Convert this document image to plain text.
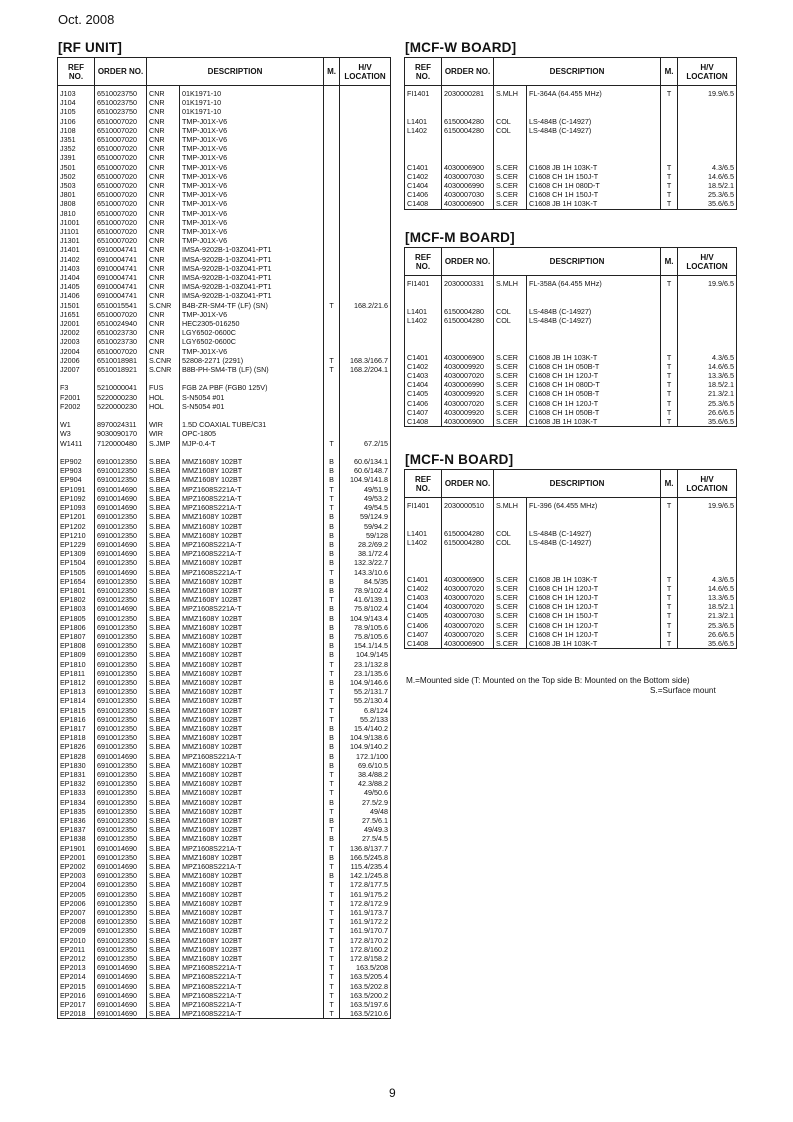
Oct. 2008
[RF UNIT]
REF NO.	ORDER NO.	DESCRIPTION		M.	H/V LOCATION
J103	6510023750	CNR	01K1971-10		
J104	6510023750	CNR	01K1971-10		
J105	6510023750	CNR	01K1971-10		
J106	6510007020	CNR	TMP-J01X-V6		
J108	6510007020	CNR	TMP-J01X-V6		
J351	6510007020	CNR	TMP-J01X-V6		
J352	6510007020	CNR	TMP-J01X-V6		
J391	6510007020	CNR	TMP-J01X-V6		
J501	6510007020	CNR	TMP-J01X-V6		
J502	6510007020	CNR	TMP-J01X-V6		
J503	6510007020	CNR	TMP-J01X-V6		
J801	6510007020	CNR	TMP-J01X-V6		
J808	6510007020	CNR	TMP-J01X-V6		
J810	6510007020	CNR	TMP-J01X-V6		
J1001	6510007020	CNR	TMP-J01X-V6		
J1101	6510007020	CNR	TMP-J01X-V6		
J1301	6510007020	CNR	TMP-J01X-V6		
J1401	6910004741	CNR	IMSA-9202B-1-03Z041-PT1		
J1402	6910004741	CNR	IMSA-9202B-1-03Z041-PT1		
J1403	6910004741	CNR	IMSA-9202B-1-03Z041-PT1		
J1404	6910004741	CNR	IMSA-9202B-1-03Z041-PT1		
J1405	6910004741	CNR	IMSA-9202B-1-03Z041-PT1		
J1406	6910004741	CNR	IMSA-9202B-1-03Z041-PT1		
J1501	6510015541	S.CNR	B4B-ZR-SM4-TF (LF) (SN)	T	168.2/21.6
J1651	6510007020	CNR	TMP-J01X-V6		
J2001	6510024940	CNR	HEC2305-016250		
J2002	6510023730	CNR	LGY6502-0600C		
J2003	6510023730	CNR	LGY6502-0600C		
J2004	6510007020	CNR	TMP-J01X-V6		
J2006	6510018981	S.CNR	52808-2271 (2291)	T	168.3/166.7
J2007	6510018921	S.CNR	B8B-PH-SM4-TB (LF) (SN)	T	168.2/204.1

F3	5210000041	FUS	FGB 2A PBF (FGB0 125V)		
F2001	5220000230	HOL	S-N5054 #01		
F2002	5220000230	HOL	S-N5054 #01		

W1	8970024311	WIR	1.5D COAXIAL TUBE/C31		
W3	9030090170	WIR	OPC-1805		
W1411	7120000480	S.JMP	MJP-0.4-T	T	67.2/15

EP902	6910012350	S.BEA	MMZ1608Y 102BT	B	60.6/134.1
EP903	6910012350	S.BEA	MMZ1608Y 102BT	B	60.6/148.7
EP904	6910012350	S.BEA	MMZ1608Y 102BT	B	104.9/141.8
EP1091	6910014690	S.BEA	MPZ1608S221A-T	T	49/51.9
EP1092	6910014690	S.BEA	MPZ1608S221A-T	T	49/53.2
EP1093	6910014690	S.BEA	MPZ1608S221A-T	T	49/54.5
EP1201	6910012350	S.BEA	MMZ1608Y 102BT	B	59/124.9
EP1202	6910012350	S.BEA	MMZ1608Y 102BT	B	59/94.2
EP1210	6910012350	S.BEA	MMZ1608Y 102BT	B	59/128
EP1229	6910014690	S.BEA	MPZ1608S221A-T	B	28.2/69.2
EP1309	6910014690	S.BEA	MPZ1608S221A-T	B	38.1/72.4
EP1504	6910012350	S.BEA	MMZ1608Y 102BT	B	132.3/22.7
EP1505	6910014690	S.BEA	MPZ1608S221A-T	T	143.3/10.6
EP1654	6910012350	S.BEA	MMZ1608Y 102BT	B	84.5/35
EP1801	6910012350	S.BEA	MMZ1608Y 102BT	B	78.9/102.4
EP1802	6910012350	S.BEA	MMZ1608Y 102BT	T	41.6/139.1
EP1803	6910014690	S.BEA	MPZ1608S221A-T	B	75.8/102.4
EP1805	6910012350	S.BEA	MMZ1608Y 102BT	B	104.9/143.4
EP1806	6910012350	S.BEA	MMZ1608Y 102BT	B	78.9/105.6
EP1807	6910012350	S.BEA	MMZ1608Y 102BT	B	75.8/105.6
EP1808	6910012350	S.BEA	MMZ1608Y 102BT	B	154.1/14.5
EP1809	6910012350	S.BEA	MMZ1608Y 102BT	B	104.9/145
EP1810	6910012350	S.BEA	MMZ1608Y 102BT	T	23.1/132.8
EP1811	6910012350	S.BEA	MMZ1608Y 102BT	T	23.1/135.6
EP1812	6910012350	S.BEA	MMZ1608Y 102BT	B	104.9/146.6
EP1813	6910012350	S.BEA	MMZ1608Y 102BT	T	55.2/131.7
EP1814	6910012350	S.BEA	MMZ1608Y 102BT	T	55.2/130.4
EP1815	6910012350	S.BEA	MMZ1608Y 102BT	T	6.8/124
EP1816	6910012350	S.BEA	MMZ1608Y 102BT	T	55.2/133
EP1817	6910012350	S.BEA	MMZ1608Y 102BT	B	15.4/140.2
EP1818	6910012350	S.BEA	MMZ1608Y 102BT	B	104.9/138.6
EP1826	6910012350	S.BEA	MMZ1608Y 102BT	B	104.9/140.2
EP1828	6910014690	S.BEA	MPZ1608S221A-T	B	172.1/100
EP1830	6910012350	S.BEA	MMZ1608Y 102BT	B	69.6/10.5
EP1831	6910012350	S.BEA	MMZ1608Y 102BT	T	38.4/88.2
EP1832	6910012350	S.BEA	MMZ1608Y 102BT	T	42.3/88.2
EP1833	6910012350	S.BEA	MMZ1608Y 102BT	T	49/50.6
EP1834	6910012350	S.BEA	MMZ1608Y 102BT	B	27.5/2.9
EP1835	6910012350	S.BEA	MMZ1608Y 102BT	T	49/48
EP1836	6910012350	S.BEA	MMZ1608Y 102BT	B	27.5/6.1
EP1837	6910012350	S.BEA	MMZ1608Y 102BT	T	49/49.3
EP1838	6910012350	S.BEA	MMZ1608Y 102BT	B	27.5/4.5
EP1901	6910014690	S.BEA	MPZ1608S221A-T	T	136.8/137.7
EP2001	6910012350	S.BEA	MMZ1608Y 102BT	B	166.5/245.8
EP2002	6910014690	S.BEA	MPZ1608S221A-T	T	115.4/235.4
EP2003	6910012350	S.BEA	MMZ1608Y 102BT	B	142.1/245.8
EP2004	6910012350	S.BEA	MMZ1608Y 102BT	T	172.8/177.5
EP2005	6910012350	S.BEA	MMZ1608Y 102BT	T	161.9/175.2
EP2006	6910012350	S.BEA	MMZ1608Y 102BT	T	172.8/172.9
EP2007	6910012350	S.BEA	MMZ1608Y 102BT	T	161.9/173.7
EP2008	6910012350	S.BEA	MMZ1608Y 102BT	T	161.9/172.2
EP2009	6910012350	S.BEA	MMZ1608Y 102BT	T	161.9/170.7
EP2010	6910012350	S.BEA	MMZ1608Y 102BT	T	172.8/170.2
EP2011	6910012350	S.BEA	MMZ1608Y 102BT	T	172.8/160.2
EP2012	6910012350	S.BEA	MMZ1608Y 102BT	T	172.8/158.2
EP2013	6910014690	S.BEA	MPZ1608S221A-T	T	163.5/208
EP2014	6910014690	S.BEA	MPZ1608S221A-T	T	163.5/205.4
EP2015	6910014690	S.BEA	MPZ1608S221A-T	T	163.5/202.8
EP2016	6910014690	S.BEA	MPZ1608S221A-T	T	163.5/200.2
EP2017	6910014690	S.BEA	MPZ1608S221A-T	T	163.5/197.6
EP2018	6910014690	S.BEA	MPZ1608S221A-T	T	163.5/210.6
[MCF-W BOARD]
REF NO.	ORDER NO.	DESCRIPTION		M.	H/V LOCATION
FI1401	2030000281	S.MLH	FL-364A (64.455 MHz)	T	19.9/6.5

L1401	6150004280	COL	LS-484B (C-14927)		
L1402	6150004280	COL	LS-484B (C-14927)		

C1401	4030006900	S.CER	C1608 JB 1H 103K-T	T	4.3/6.5
C1402	4030007030	S.CER	C1608 CH 1H 150J-T	T	14.6/6.5
C1404	4030006990	S.CER	C1608 CH 1H 080D-T	T	18.5/2.1
C1406	4030007030	S.CER	C1608 CH 1H 150J-T	T	25.3/6.5
C1408	4030006900	S.CER	C1608 JB 1H 103K-T	T	35.6/6.5
[MCF-M BOARD]
REF NO.	ORDER NO.	DESCRIPTION		M.	H/V LOCATION
FI1401	2030000331	S.MLH	FL-358A (64.455 MHz)	T	19.9/6.5

L1401	6150004280	COL	LS-484B (C-14927)		
L1402	6150004280	COL	LS-484B (C-14927)		

C1401	4030006900	S.CER	C1608 JB 1H 103K-T	T	4.3/6.5
C1402	4030009920	S.CER	C1608 CH 1H 050B-T	T	14.6/6.5
C1403	4030007020	S.CER	C1608 CH 1H 120J-T	T	13.3/6.5
C1404	4030006990	S.CER	C1608 CH 1H 080D-T	T	18.5/2.1
C1405	4030009920	S.CER	C1608 CH 1H 050B-T	T	21.3/2.1
C1406	4030007020	S.CER	C1608 CH 1H 120J-T	T	25.3/6.5
C1407	4030009920	S.CER	C1608 CH 1H 050B-T	T	26.6/6.5
C1408	4030006900	S.CER	C1608 JB 1H 103K-T	T	35.6/6.5
[MCF-N BOARD]
REF NO.	ORDER NO.	DESCRIPTION		M.	H/V LOCATION
FI1401	2030000510	S.MLH	FL-396 (64.455 MHz)	T	19.9/6.5

L1401	6150004280	COL	LS-484B (C-14927)		
L1402	6150004280	COL	LS-484B (C-14927)		

C1401	4030006900	S.CER	C1608 JB 1H 103K-T	T	4.3/6.5
C1402	4030007020	S.CER	C1608 CH 1H 120J-T	T	14.6/6.5
C1403	4030007020	S.CER	C1608 CH 1H 120J-T	T	13.3/6.5
C1404	4030007020	S.CER	C1608 CH 1H 120J-T	T	18.5/2.1
C1405	4030007030	S.CER	C1608 CH 1H 150J-T	T	21.3/2.1
C1406	4030007020	S.CER	C1608 CH 1H 120J-T	T	25.3/6.5
C1407	4030007020	S.CER	C1608 CH 1H 120J-T	T	26.6/6.5
C1408	4030006900	S.CER	C1608 JB 1H 103K-T	T	35.6/6.5
M.=Mounted side (T: Mounted on the Top side B: Mounted on the Bottom side)
S.=Surface mount
9
